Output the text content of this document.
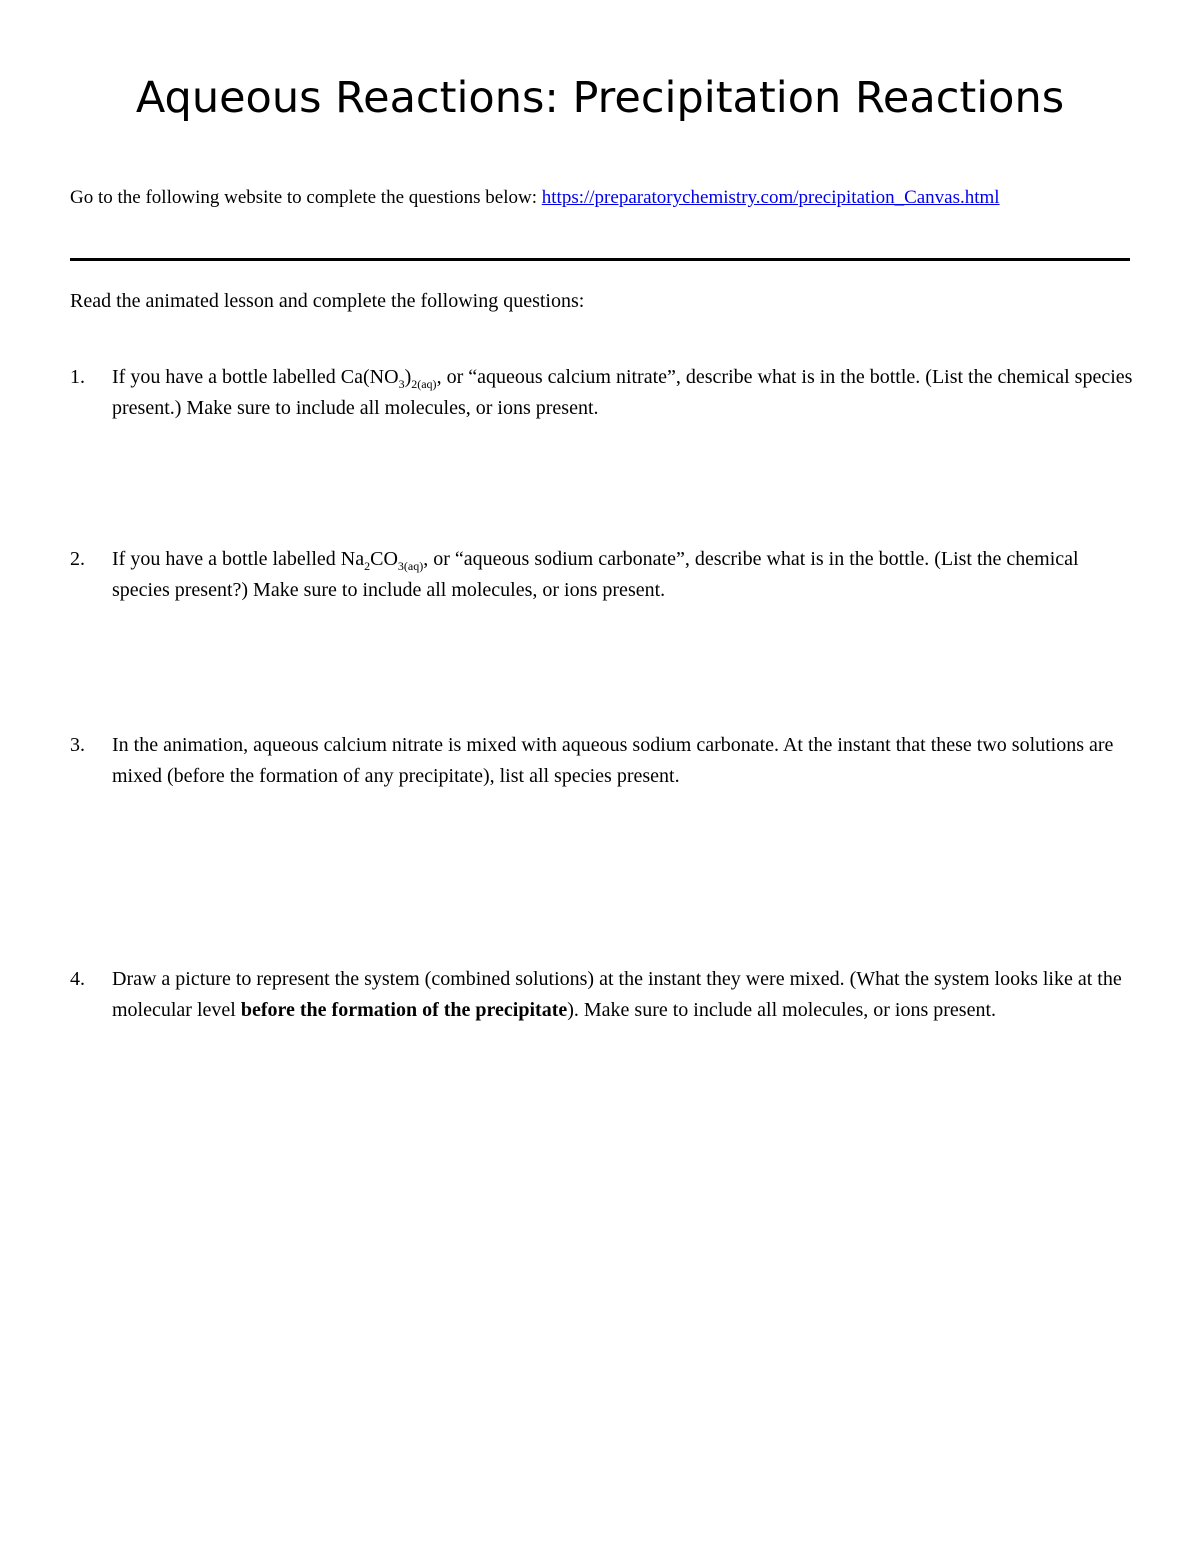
Aqueous Reactions: Precipitation Reactions
Go to the following website to complete the questions below: https://preparatorychemistry.com/precipitation_Canvas.html
Read the animated lesson and complete the following questions:
1. If you have a bottle labelled $Ca(NO_3)_{2(aq)}$, or “aqueous calcium nitrate”, describe what is in the bottle. (List the chemical species present.) Make sure to include all molecules, or ions present.
2. If you have a bottle labelled $Na_2CO_{3(aq)}$, or “aqueous sodium carbonate”, describe what is in the bottle. (List the chemical species present?) Make sure to include all molecules, or ions present.
3. In the animation, aqueous calcium nitrate is mixed with aqueous sodium carbonate. At the instant that these two solutions are mixed (before the formation of any precipitate), list all species present.
4. Draw a picture to represent the system (combined solutions) at the instant they were mixed. (What the system looks like at the molecular level before the formation of the precipitate). Make sure to include all molecules, or ions present.
